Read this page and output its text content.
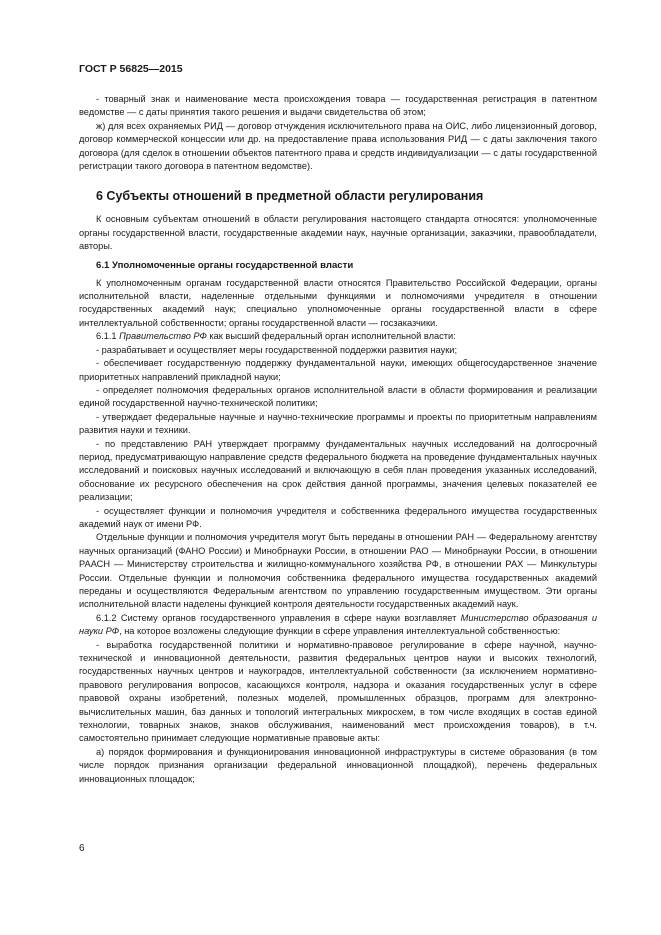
ГОСТ Р 56825—2015

- товарный знак и наименование места происхождения товара — государственная регистрация в патентном ведомстве — с даты принятия такого решения и выдачи свидетельства об этом;

ж) для всех охраняемых РИД — договор отчуждения исключительного права на ОИС, либо лицензионный договор, договор коммерческой концессии или др. на предоставление права использования РИД — с даты заключения такого договора (для сделок в отношении объектов патентного права и средств индивидуализации — с даты государственной регистрации такого договора в патентном ведомстве).

6 Субъекты отношений в предметной области регулирования

К основным субъектам отношений в области регулирования настоящего стандарта относятся: уполномоченные органы государственной власти, государственные академии наук, научные организации, заказчики, правообладатели, авторы.

6.1 Уполномоченные органы государственной власти

К уполномоченным органам государственной власти относятся Правительство Российской Федерации, органы исполнительной власти, наделенные отдельными функциями и полномочиями учредителя в отношении государственных академий наук; специально уполномоченные органы государственной власти в сфере интеллектуальной собственности; органы государственной власти — госзаказчики.

6.1.1 Правительство РФ как высший федеральный орган исполнительной власти:

- разрабатывает и осуществляет меры государственной поддержки развития науки;

- обеспечивает государственную поддержку фундаментальной науки, имеющих общегосударственное значение приоритетных направлений прикладной науки;

- определяет полномочия федеральных органов исполнительной власти в области формирования и реализации единой государственной научно-технической политики;

- утверждает федеральные научные и научно-технические программы и проекты по приоритетным направлениям развития науки и техники.

- по представлению РАН утверждает программу фундаментальных научных исследований на долгосрочный период, предусматривающую направление средств федерального бюджета на проведение фундаментальных научных исследований и поисковых научных исследований и включающую в себя план проведения указанных исследований, обоснование их ресурсного обеспечения на срок действия данной программы, значения целевых показателей ее реализации;

- осуществляет функции и полномочия учредителя и собственника федерального имущества государственных академий наук от имени РФ.

Отдельные функции и полномочия учредителя могут быть переданы в отношении РАН — Федеральному агентству научных организаций (ФАНО России) и Минобрнауки России, в отношении РАО — Минобрнауки России, в отношении РААСН — Министерству строительства и жилищно-коммунального хозяйства РФ, в отношении РАХ — Минкультуры России. Отдельные функции и полномочия собственника федерального имущества государственных академий переданы и осуществляются Федеральным агентством по управлению государственным имуществом. Эти органы исполнительной власти наделены функцией контроля деятельности государственных академий наук.

6.1.2 Систему органов государственного управления в сфере науки возглавляет Министерство образования и науки РФ, на которое возложены следующие функции в сфере управления интеллектуальной собственностью:

- выработка государственной политики и нормативно-правовое регулирование в сфере научной, научно-технической и инновационной деятельности, развития федеральных центров науки и высоких технологий, государственных научных центров и наукоградов, интеллектуальной собственности (за исключением нормативно-правового регулирования вопросов, касающихся контроля, надзора и оказания государственных услуг в сфере правовой охраны изобретений, полезных моделей, промышленных образцов, программ для электронно-вычислительных машин, баз данных и топологий интегральных микросхем, в том числе входящих в состав единой технологии, товарных знаков, знаков обслуживания, наименований мест происхождения товаров), в т.ч. самостоятельно принимает следующие нормативные правовые акты:

а) порядок формирования и функционирования инновационной инфраструктуры в системе образования (в том числе порядок признания организации федеральной инновационной площадкой), перечень федеральных инновационных площадок;

6
